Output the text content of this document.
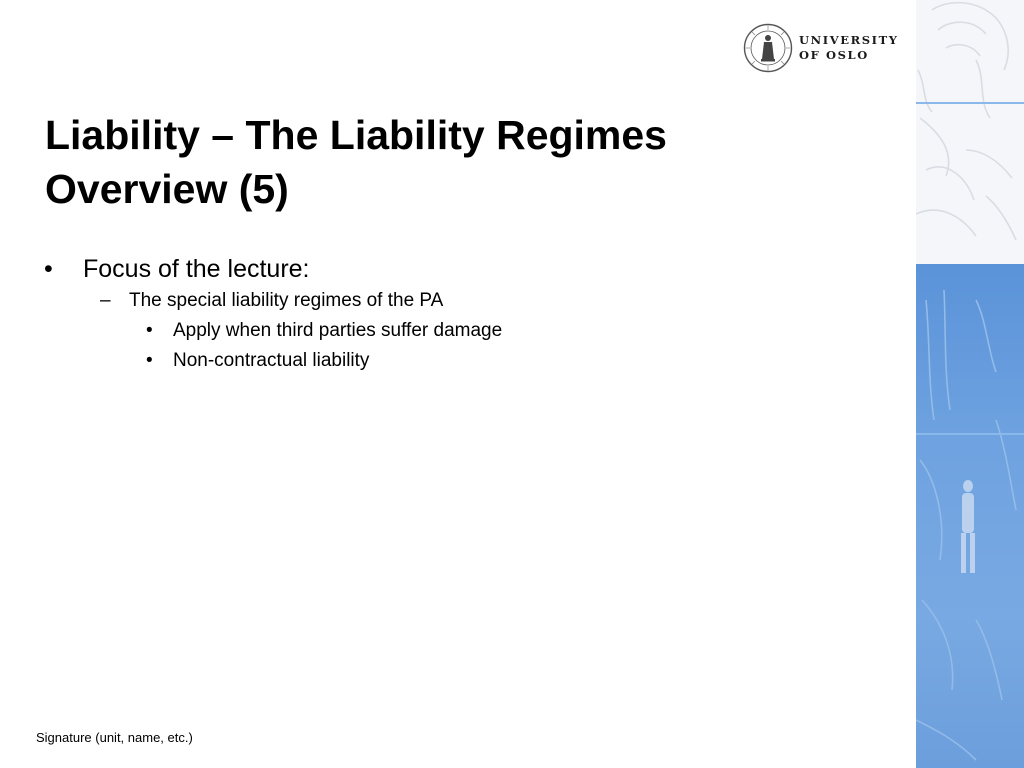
UNIVERSITY
OF OSLO
Liability – The Liability Regimes
Overview (5)
• Focus of the lecture:
– The special liability regimes of the PA
• Apply when third parties suffer damage
• Non-contractual liability
Signature (unit, name, etc.)
